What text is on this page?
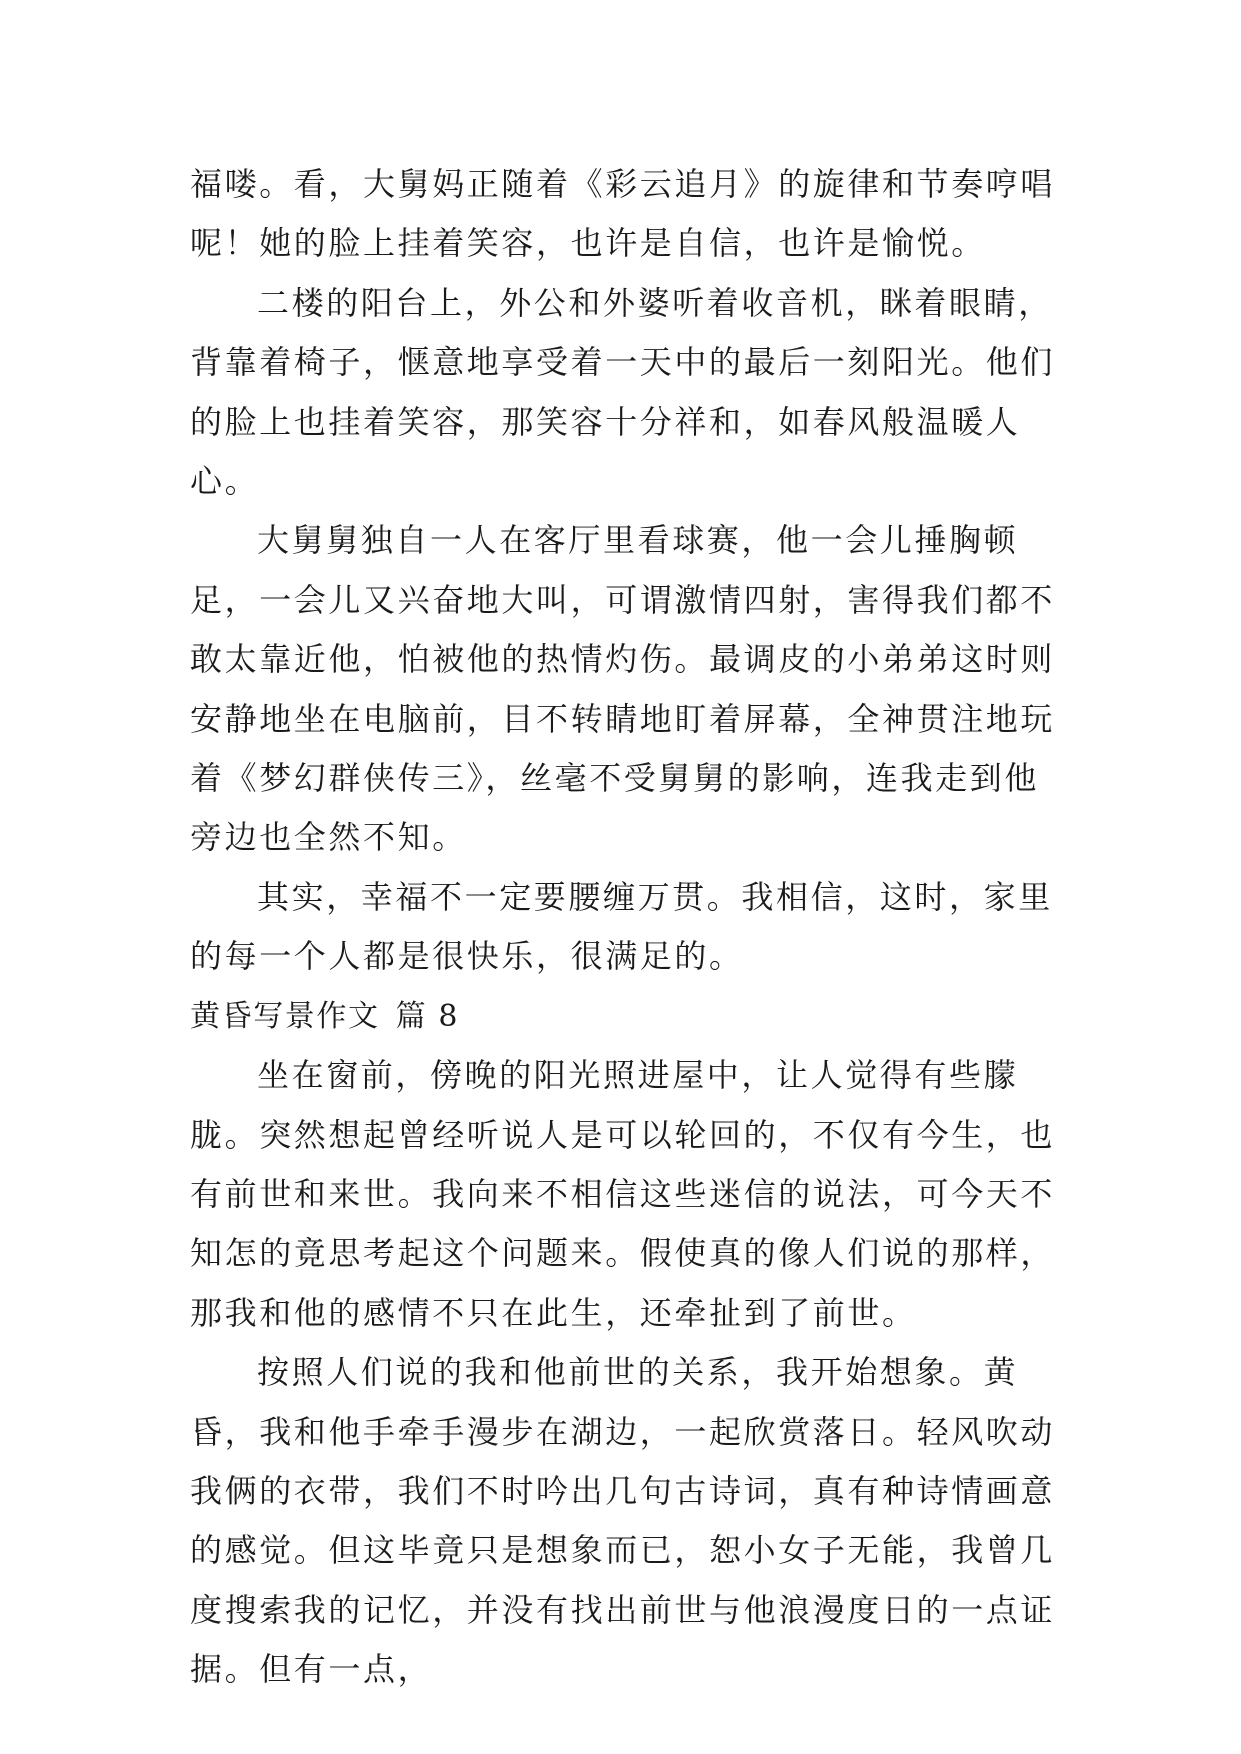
福喽。看，大舅妈正随着《彩云追月》的旋律和节奏哼唱呢！她的脸上挂着笑容，也许是自信，也许是愉悦。

二楼的阳台上，外公和外婆听着收音机，眯着眼睛，背靠着椅子，惬意地享受着一天中的最后一刻阳光。他们的脸上也挂着笑容，那笑容十分祥和，如春风般温暖人心。

大舅舅独自一人在客厅里看球赛，他一会儿捶胸顿足，一会儿又兴奋地大叫，可谓激情四射，害得我们都不敢太靠近他，怕被他的热情灼伤。最调皮的小弟弟这时则安静地坐在电脑前，目不转睛地盯着屏幕，全神贯注地玩着《梦幻群侠传三》，丝毫不受舅舅的影响，连我走到他旁边也全然不知。

其实，幸福不一定要腰缠万贯。我相信，这时，家里的每一个人都是很快乐，很满足的。

黄昏写景作文 篇 8

坐在窗前，傍晚的阳光照进屋中，让人觉得有些朦胧。突然想起曾经听说人是可以轮回的，不仅有今生，也有前世和来世。我向来不相信这些迷信的说法，可今天不知怎的竟思考起这个问题来。假使真的像人们说的那样，那我和他的感情不只在此生，还牵扯到了前世。

按照人们说的我和他前世的关系，我开始想象。黄昏，我和他手牵手漫步在湖边，一起欣赏落日。轻风吹动我俩的衣带，我们不时吟出几句古诗词，真有种诗情画意的感觉。但这毕竟只是想象而已，恕小女子无能，我曾几度搜索我的记忆，并没有找出前世与他浪漫度日的一点证据。但有一点，
